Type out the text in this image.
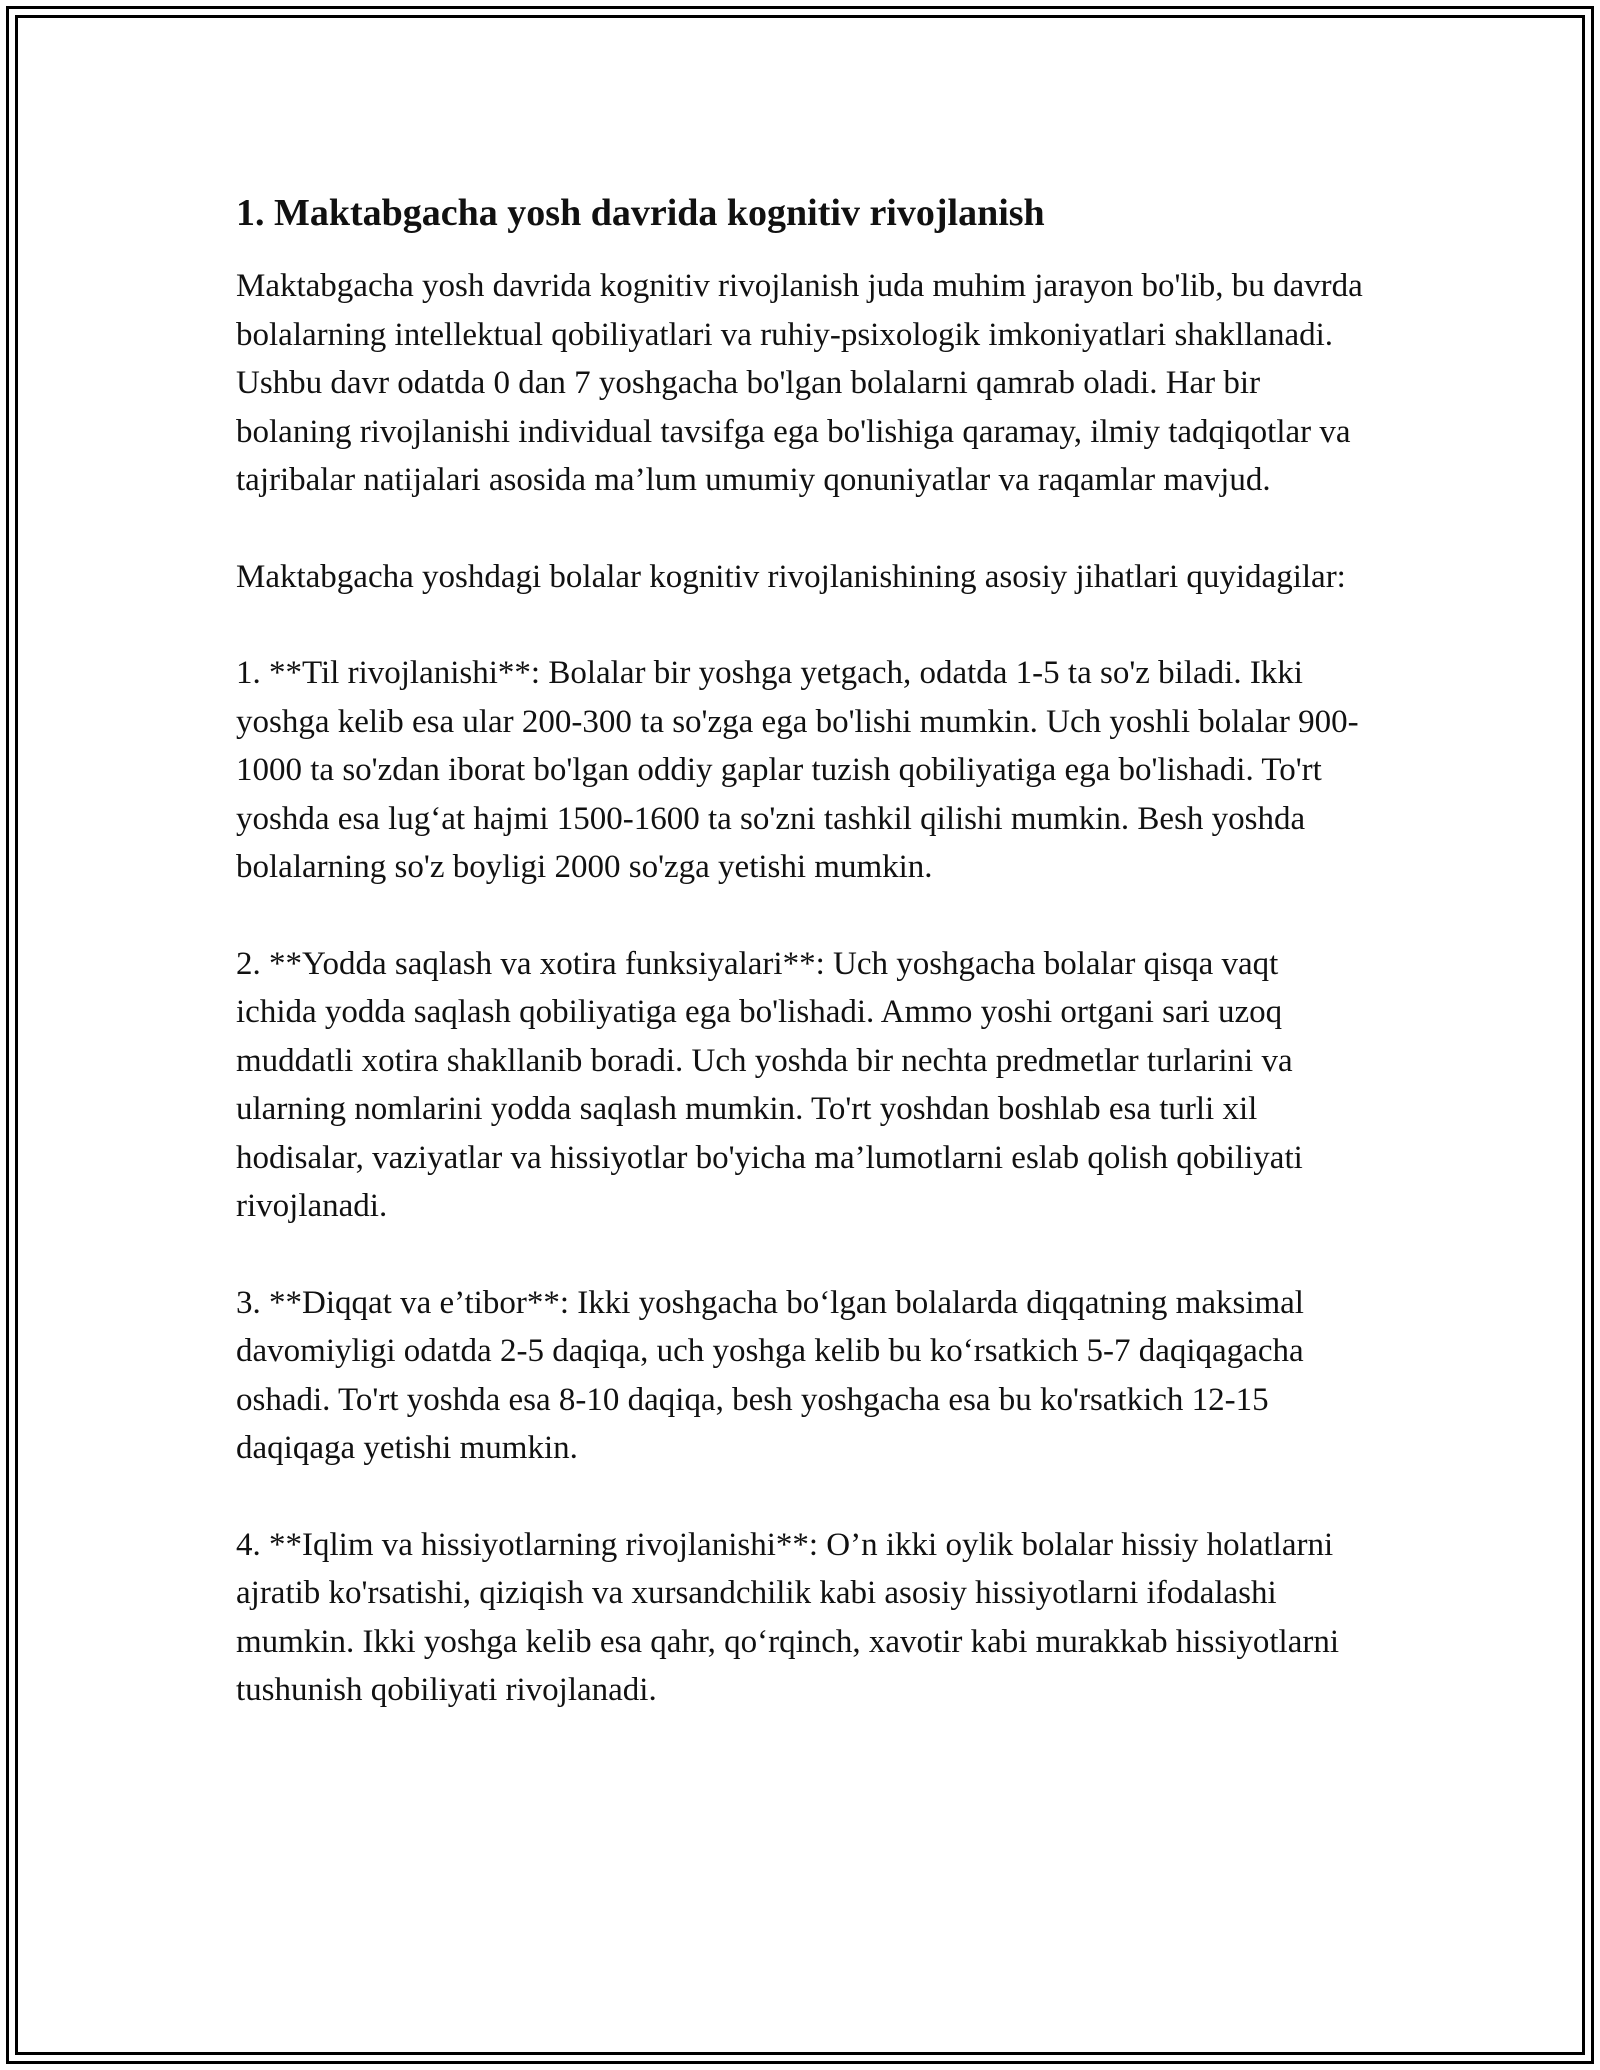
1. Maktabgacha yosh davrida kognitiv rivojlanish

Maktabgacha yosh davrida kognitiv rivojlanish juda muhim jarayon bo'lib, bu davrda bolalarning intellektual qobiliyatlari va ruhiy-psixologik imkoniyatlari shakllanadi. Ushbu davr odatda 0 dan 7 yoshgacha bo'lgan bolalarni qamrab oladi. Har bir bolaning rivojlanishi individual tavsifga ega bo'lishiga qaramay, ilmiy tadqiqotlar va tajribalar natijalari asosida ma’lum umumiy qonuniyatlar va raqamlar mavjud.

Maktabgacha yoshdagi bolalar kognitiv rivojlanishining asosiy jihatlari quyidagilar:

1. **Til rivojlanishi**: Bolalar bir yoshga yetgach, odatda 1-5 ta so'z biladi. Ikki yoshga kelib esa ular 200-300 ta so'zga ega bo'lishi mumkin. Uch yoshli bolalar 900-1000 ta so'zdan iborat bo'lgan oddiy gaplar tuzish qobiliyatiga ega bo'lishadi. To'rt yoshda esa lug‘at hajmi 1500-1600 ta so'zni tashkil qilishi mumkin. Besh yoshda bolalarning so'z boyligi 2000 so'zga yetishi mumkin.

2. **Yodda saqlash va xotira funksiyalari**: Uch yoshgacha bolalar qisqa vaqt ichida yodda saqlash qobiliyatiga ega bo'lishadi. Ammo yoshi ortgani sari uzoq muddatli xotira shakllanib boradi. Uch yoshda bir nechta predmetlar turlarini va ularning nomlarini yodda saqlash mumkin. To'rt yoshdan boshlab esa turli xil hodisalar, vaziyatlar va hissiyotlar bo'yicha ma’lumotlarni eslab qolish qobiliyati rivojlanadi.

3. **Diqqat va e’tibor**: Ikki yoshgacha bo‘lgan bolalarda diqqatning maksimal davomiyligi odatda 2-5 daqiqa, uch yoshga kelib bu ko‘rsatkich 5-7 daqiqagacha oshadi. To'rt yoshda esa 8-10 daqiqa, besh yoshgacha esa bu ko'rsatkich 12-15 daqiqaga yetishi mumkin.

4. **Iqlim va hissiyotlarning rivojlanishi**: O’n ikki oylik bolalar hissiy holatlarni ajratib ko'rsatishi, qiziqish va xursandchilik kabi asosiy hissiyotlarni ifodalashi mumkin. Ikki yoshga kelib esa qahr, qo‘rqinch, xavotir kabi murakkab hissiyotlarni tushunish qobiliyati rivojlanadi.
